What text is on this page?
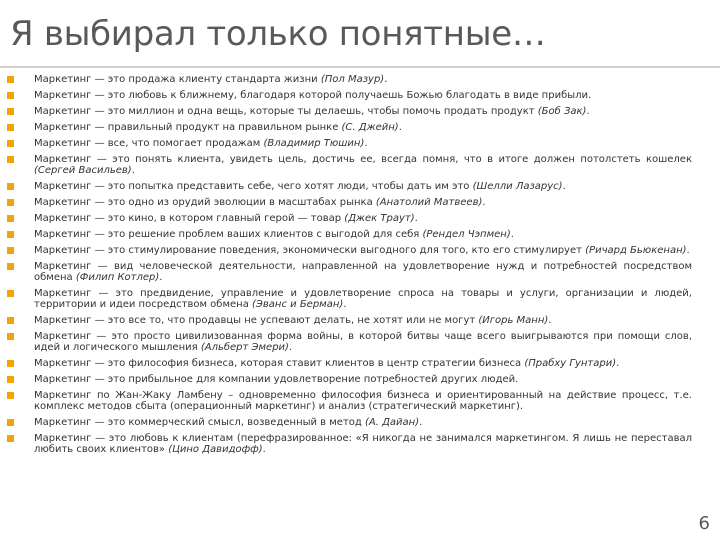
Я выбирал только понятные…
Маркетинг — это продажа клиенту стандарта жизни (Пол Мазур).
Маркетинг — это любовь к ближнему, благодаря которой получаешь Божью благодать в виде прибыли.
Маркетинг — это миллион и одна вещь, которые ты делаешь, чтобы помочь продать продукт (Боб Зак).
Маркетинг — правильный продукт на правильном рынке (С. Джейн).
Маркетинг — все, что помогает продажам (Владимир Тюшин).
Маркетинг — это понять клиента, увидеть цель, достичь ее, всегда помня, что в итоге должен потолстеть кошелек (Сергей Васильев).
Маркетинг — это попытка представить себе, чего хотят люди, чтобы дать им это (Шелли Лазарус).
Маркетинг — это одно из орудий эволюции в масштабах рынка (Анатолий Матвеев).
Маркетинг — это кино, в котором главный герой — товар (Джек Траут).
Маркетинг — это решение проблем ваших клиентов с выгодой для себя (Рендел Чэпмен).
Маркетинг — это стимулирование поведения, экономически выгодного для того, кто его стимулирует (Ричард Бьюкенан).
Маркетинг — вид человеческой деятельности, направленной на удовлетворение нужд и потребностей посредством обмена (Филип Котлер).
Маркетинг — это предвидение, управление и удовлетворение спроса на товары и услуги, организации и людей, территории и идеи посредством обмена (Эванс и Берман).
Маркетинг — это все то, что продавцы не успевают делать, не хотят или не могут (Игорь Манн).
Маркетинг — это просто цивилизованная форма войны, в которой битвы чаще всего выигрываются при помощи слов, идей и логического мышления (Альберт Эмери).
Маркетинг — это философия бизнеса, которая ставит клиентов в центр стратегии бизнеса (Прабху Гунтари).
Маркетинг — это прибыльное для компании удовлетворение потребностей других людей.
Маркетинг по Жан-Жаку Ламбену – одновременно философия бизнеса и ориентированный на действие процесс, т.е. комплекс методов сбыта (операционный маркетинг) и анализ (стратегический маркетинг).
Маркетинг — это коммерческий смысл, возведенный в метод (А. Дайан).
Маркетинг — это любовь к клиентам (перефразированное: «Я никогда не занимался маркетингом. Я лишь не переставал любить своих клиентов» (Цино Давидофф).
6
